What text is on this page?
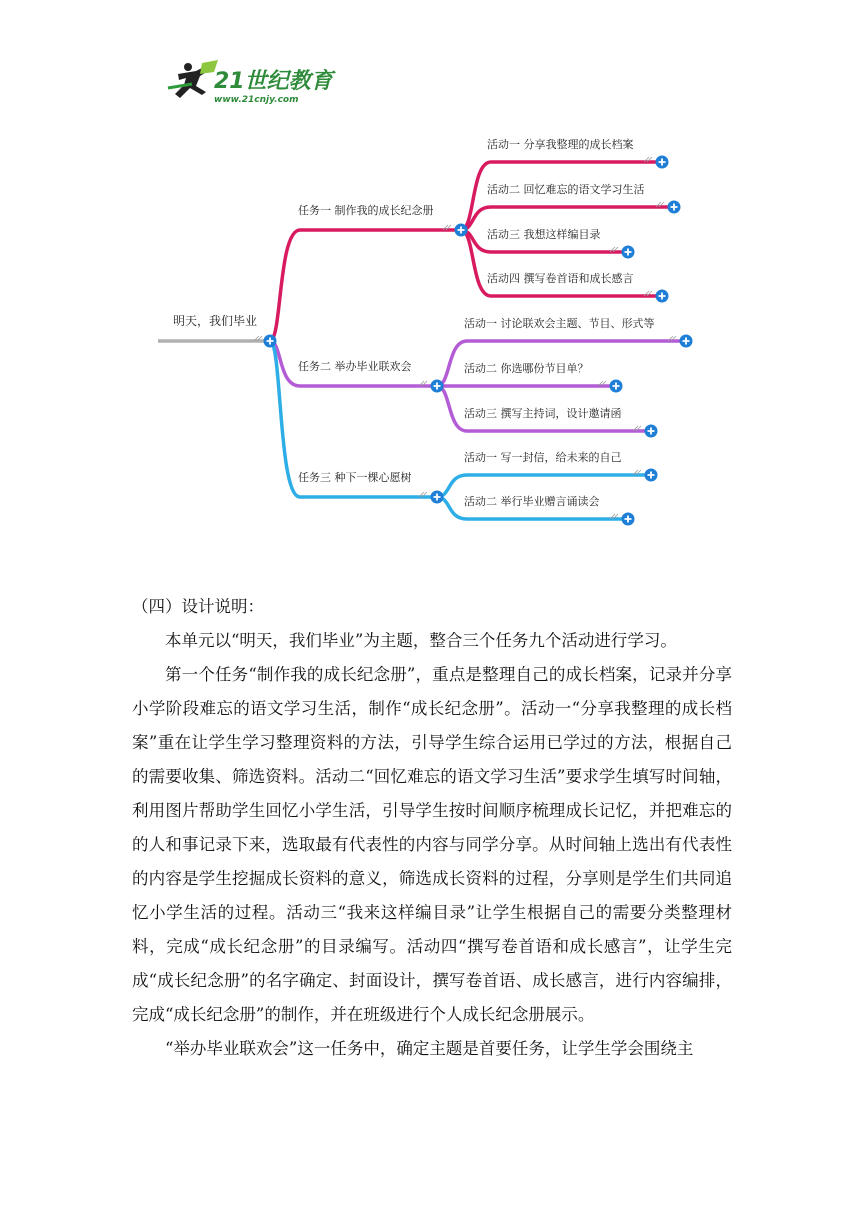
21世纪教育
www.21cnjy.com
明天，我们毕业
任务一 制作我的成长纪念册
活动一 分享我整理的成长档案
活动二 回忆难忘的语文学习生活
活动三 我想这样编目录
活动四 撰写卷首语和成长感言
任务二 举办毕业联欢会
活动一 讨论联欢会主题、节目、形式等
活动二 你选哪份节目单？
活动三 撰写主持词，设计邀请函
任务三 种下一棵心愿树
活动一 写一封信，给未来的自己
活动二 举行毕业赠言诵读会
（四）设计说明：

本单元以“明天，我们毕业”为主题，整合三个任务九个活动进行学习。

第一个任务“制作我的成长纪念册”，重点是整理自己的成长档案，记录并分享小学阶段难忘的语文学习生活，制作“成长纪念册”。活动一“分享我整理的成长档案”重在让学生学习整理资料的方法，引导学生综合运用已学过的方法，根据自己的需要收集、筛选资料。活动二“回忆难忘的语文学习生活”要求学生填写时间轴，利用图片帮助学生回忆小学生活，引导学生按时间顺序梳理成长记忆，并把难忘的的人和事记录下来，选取最有代表性的内容与同学分享。从时间轴上选出有代表性的内容是学生挖掘成长资料的意义，筛选成长资料的过程，分享则是学生们共同追忆小学生活的过程。活动三“我来这样编目录”让学生根据自己的需要分类整理材料，完成“成长纪念册”的目录编写。活动四“撰写卷首语和成长感言”，让学生完成“成长纪念册”的名字确定、封面设计，撰写卷首语、成长感言，进行内容编排，完成“成长纪念册”的制作，并在班级进行个人成长纪念册展示。

“举办毕业联欢会”这一任务中，确定主题是首要任务，让学生学会围绕主
